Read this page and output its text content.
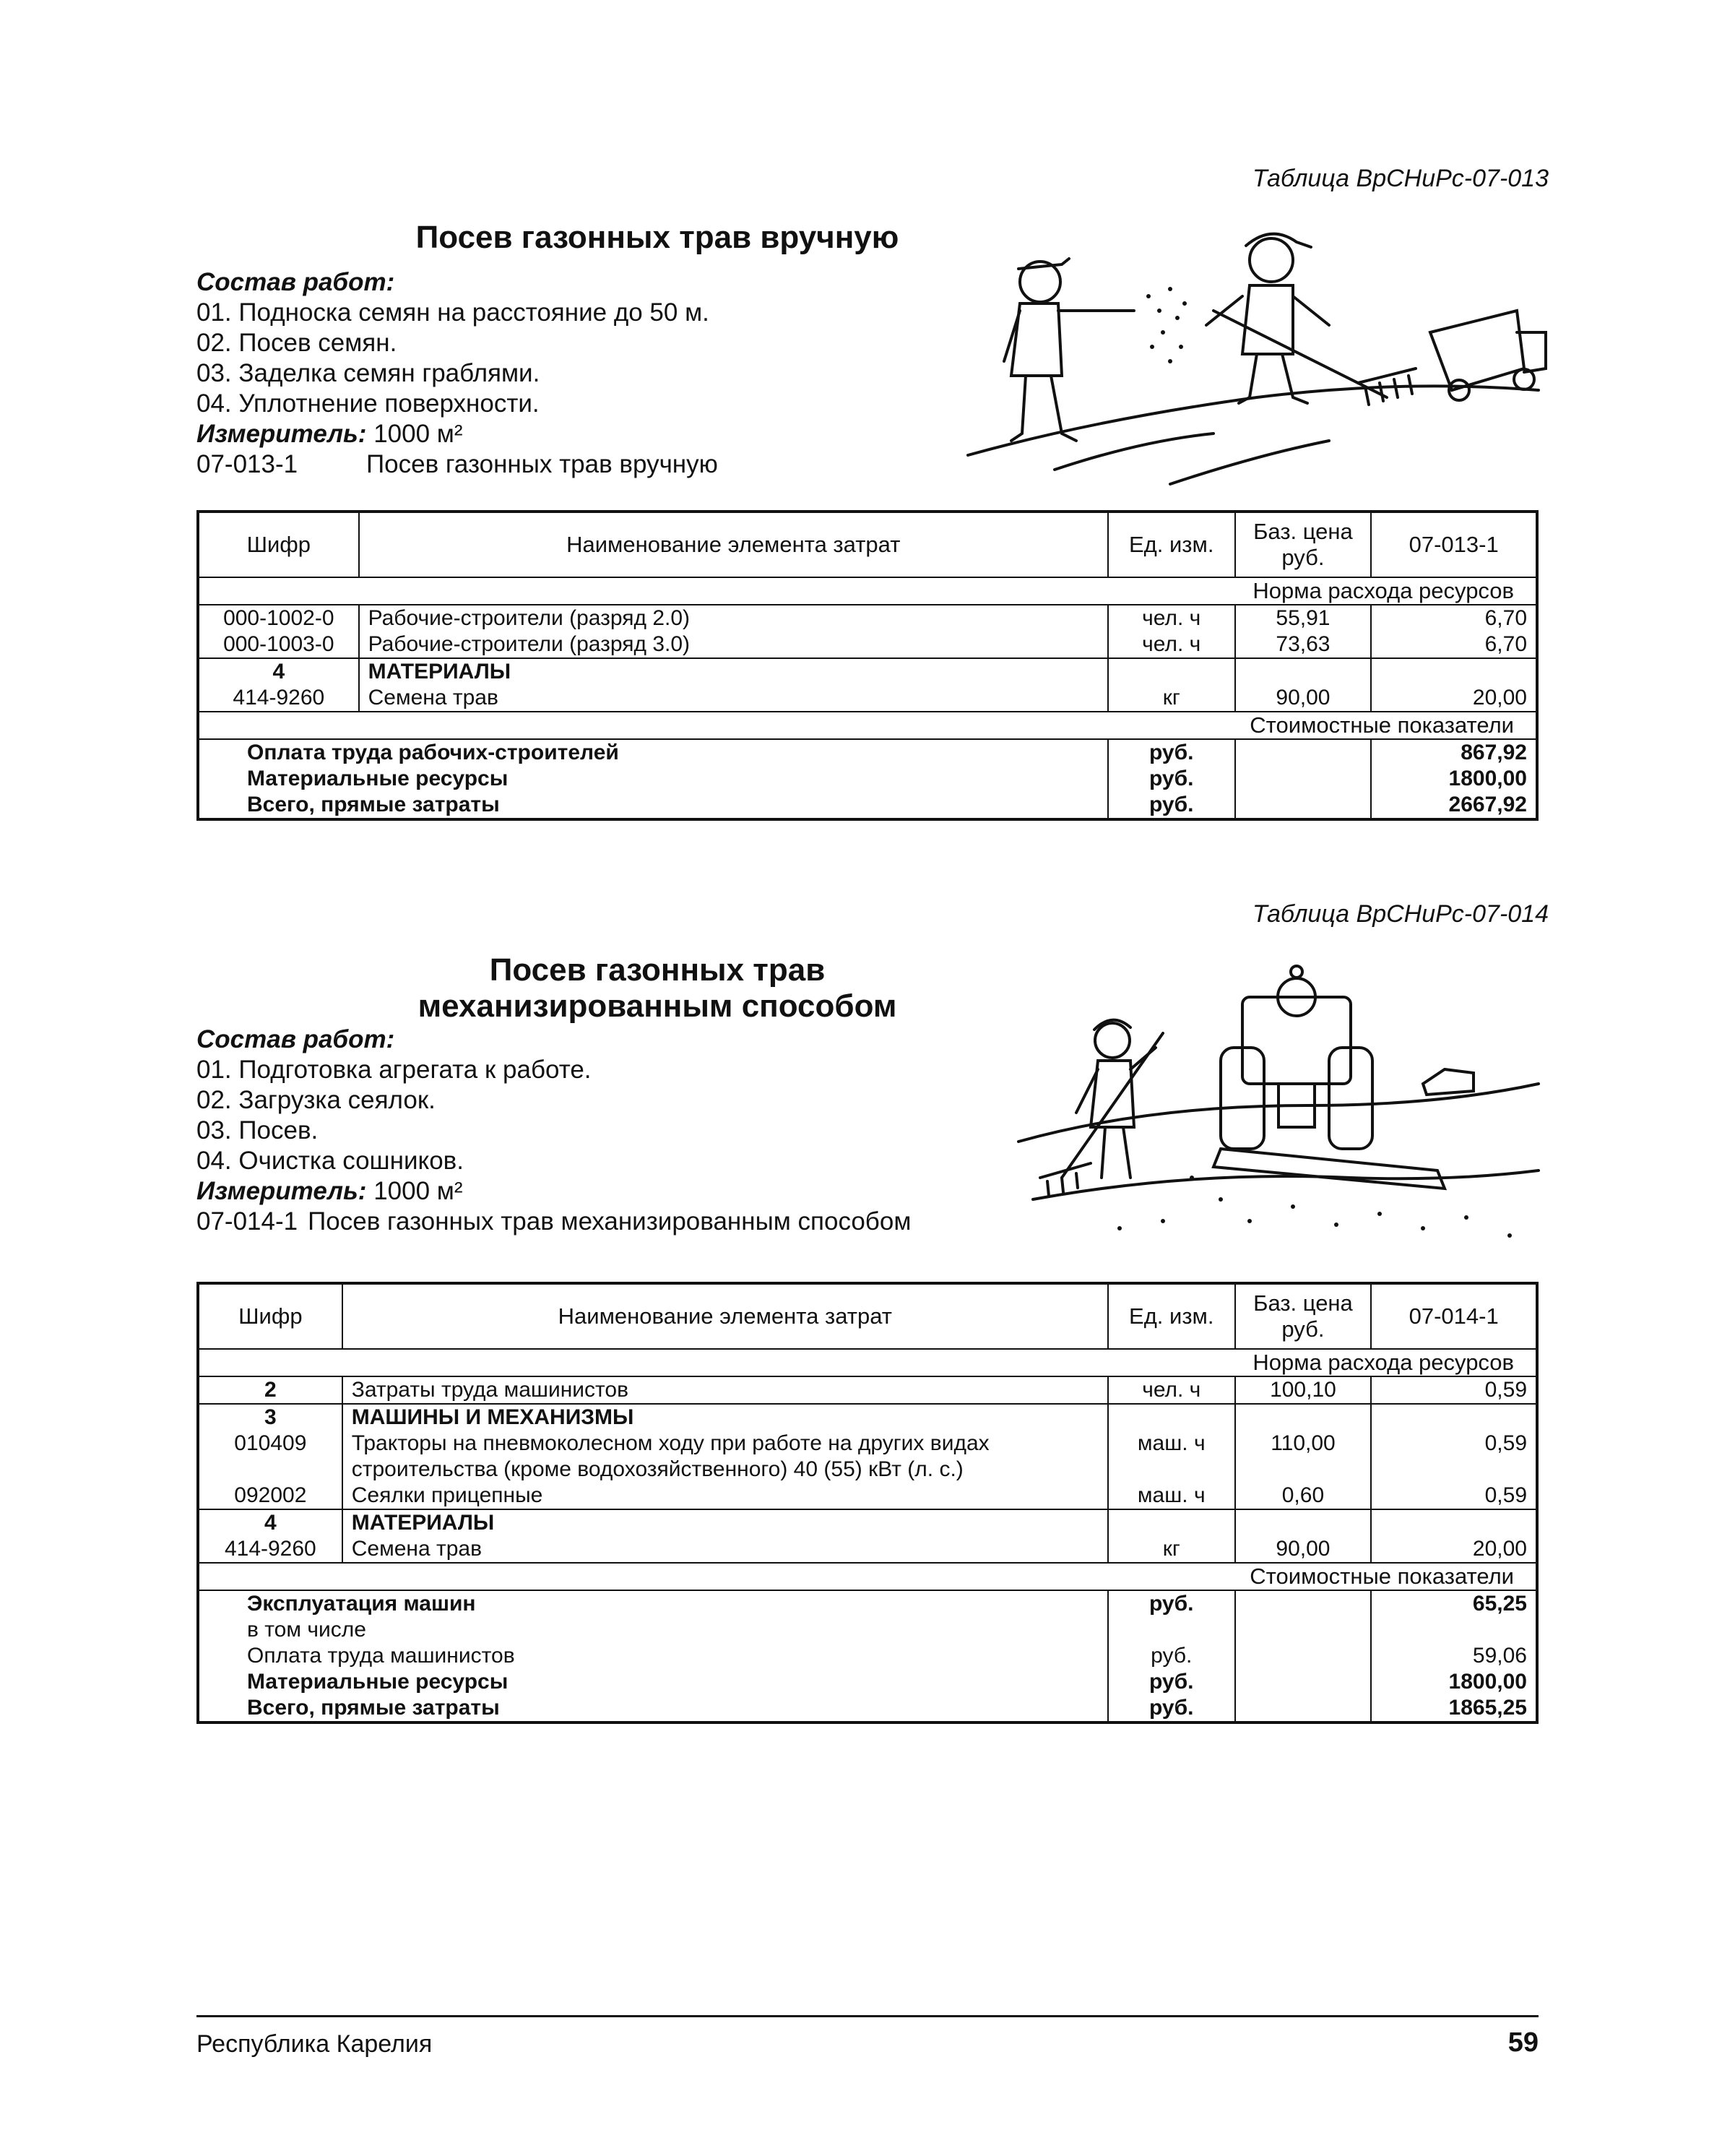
Таблица ВрСНиРс-07-013
Посев газонных трав вручную
Состав работ:
01. Подноска семян на расстояние до 50 м.
02. Посев семян.
03. Заделка семян граблями.
04. Уплотнение поверхности.
Измеритель: 1000 м²
07-013-1	Посев газонных трав вручную
Шифр	Наименование элемента затрат	Ед. изм.	Баз. цена руб.	07-013-1
Норма расхода ресурсов				
000-1002-0	Рабочие-строители (разряд 2.0)	чел. ч	55,91	6,70
000-1003-0	Рабочие-строители (разряд 3.0)	чел. ч	73,63	6,70
4	МАТЕРИАЛЫ			
414-9260	Семена трав	кг	90,00	20,00
Стоимостные показатели				
Оплата труда рабочих-строителей		руб.		867,92
Материальные ресурсы		руб.		1800,00
Всего, прямые затраты		руб.		2667,92
Таблица ВрСНиРс-07-014
Посев газонных трав
механизированным способом
Состав работ:
01. Подготовка агрегата к работе.
02. Загрузка сеялок.
03. Посев.
04. Очистка сошников.
Измеритель: 1000 м²
07-014-1 Посев газонных трав механизированным способом
Шифр	Наименование элемента затрат	Ед. изм.	Баз. цена руб.	07-014-1
Норма расхода ресурсов				
2	Затраты труда машинистов	чел. ч	100,10	0,59
3	МАШИНЫ И МЕХАНИЗМЫ			
010409	Тракторы на пневмоколесном ходу при работе на других видах строительства (кроме водохозяйственного) 40 (55) кВт (л. с.)	маш. ч	110,00	0,59
092002	Сеялки прицепные	маш. ч	0,60	0,59
4	МАТЕРИАЛЫ			
414-9260	Семена трав	кг	90,00	20,00
Стоимостные показатели				
Эксплуатация машин		руб.		65,25
в том числе				
Оплата труда машинистов		руб.		59,06
Материальные ресурсы		руб.		1800,00
Всего, прямые затраты		руб.		1865,25
Республика Карелия	59
